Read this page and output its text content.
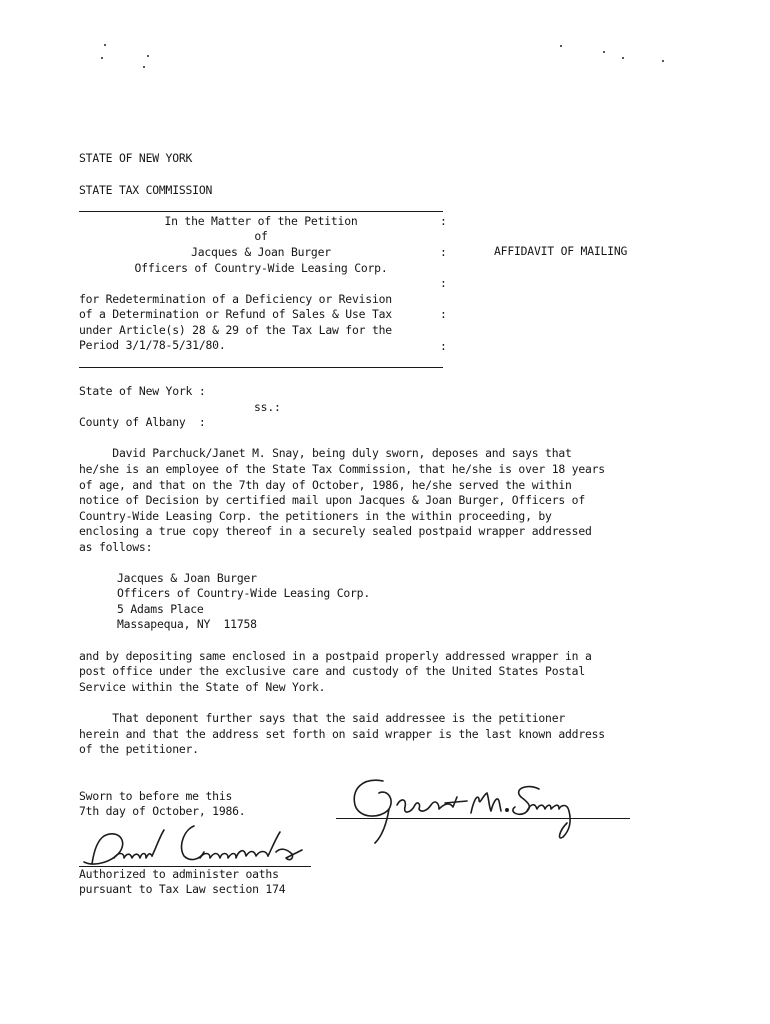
STATE OF NEW YORK
STATE TAX COMMISSION
In the Matter of the Petition
of
Jacques & Joan Burger
Officers of Country-Wide Leasing Corp.
:
:
:
:
:
AFFIDAVIT OF MAILING
for Redetermination of a Deficiency or Revision
of a Determination or Refund of Sales & Use Tax
under Article(s) 28 & 29 of the Tax Law for the
Period 3/1/78-5/31/80.
State of New York :
ss.:
County of Albany  :
David Parchuck/Janet M. Snay, being duly sworn, deposes and says that
he/she is an employee of the State Tax Commission, that he/she is over 18 years
of age, and that on the 7th day of October, 1986, he/she served the within
notice of Decision by certified mail upon Jacques & Joan Burger, Officers of
Country-Wide Leasing Corp. the petitioners in the within proceeding, by
enclosing a true copy thereof in a securely sealed postpaid wrapper addressed
as follows:
Jacques & Joan Burger
Officers of Country-Wide Leasing Corp.
5 Adams Place
Massapequa, NY  11758
and by depositing same enclosed in a postpaid properly addressed wrapper in a
post office under the exclusive care and custody of the United States Postal
Service within the State of New York.
That deponent further says that the said addressee is the petitioner
herein and that the address set forth on said wrapper is the last known address
of the petitioner.
Sworn to before me this
7th day of October, 1986.
Authorized to administer oaths
pursuant to Tax Law section 174
